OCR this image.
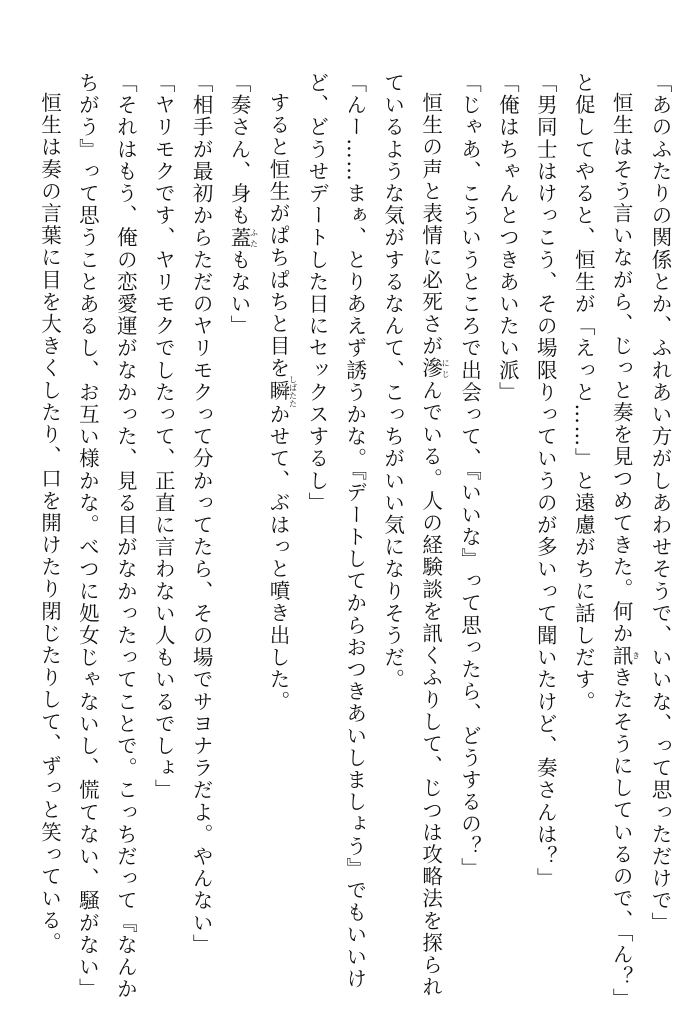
「あのふたりの関係とか、ふれあい方がしあわせそうで、いいな、って思っただけで」
恒生はそう言いながら、じっと奏を見つめてきた。何か訊ききたそうにしているので、「ん？」
と促してやると、恒生が「えっと……」と遠慮がちに話しだす。
「男同士はけっこう、その場限りっていうのが多いって聞いたけど、奏さんは？」
「俺はちゃんとつきあいたい派」
「じゃあ、こういうところで出会って、『いいな』って思ったら、どうするの？」
恒生の声と表情に必死さが滲にじんでいる。人の経験談を訊くふりして、じつは攻略法を探られ
ているような気がするなんて、こっちがいい気になりそうだ。
「んー……まぁ、とりあえず誘うかな。『デートしてからおつきあいしましょう』でもいいけ
ど、どうせデートした日にセックスするし」
すると恒生がぱちぱちと目を瞬しばたたかせて、ぶはっと噴き出した。
「奏さん、身も蓋ふたもない」
「相手が最初からただのヤリモクって分かってたら、その場でサヨナラだよ。やんない」
「ヤリモクです、ヤリモクでしたって、正直に言わない人もいるでしょ」
「それはもう、俺の恋愛運がなかった、見る目がなかったってことで。こっちだって『なんか
ちがう』って思うことあるし、お互い様かな。べつに処女じゃないし、慌てない、騒がない」
恒生は奏の言葉に目を大きくしたり、口を開けたり閉じたりして、ずっと笑っている。
